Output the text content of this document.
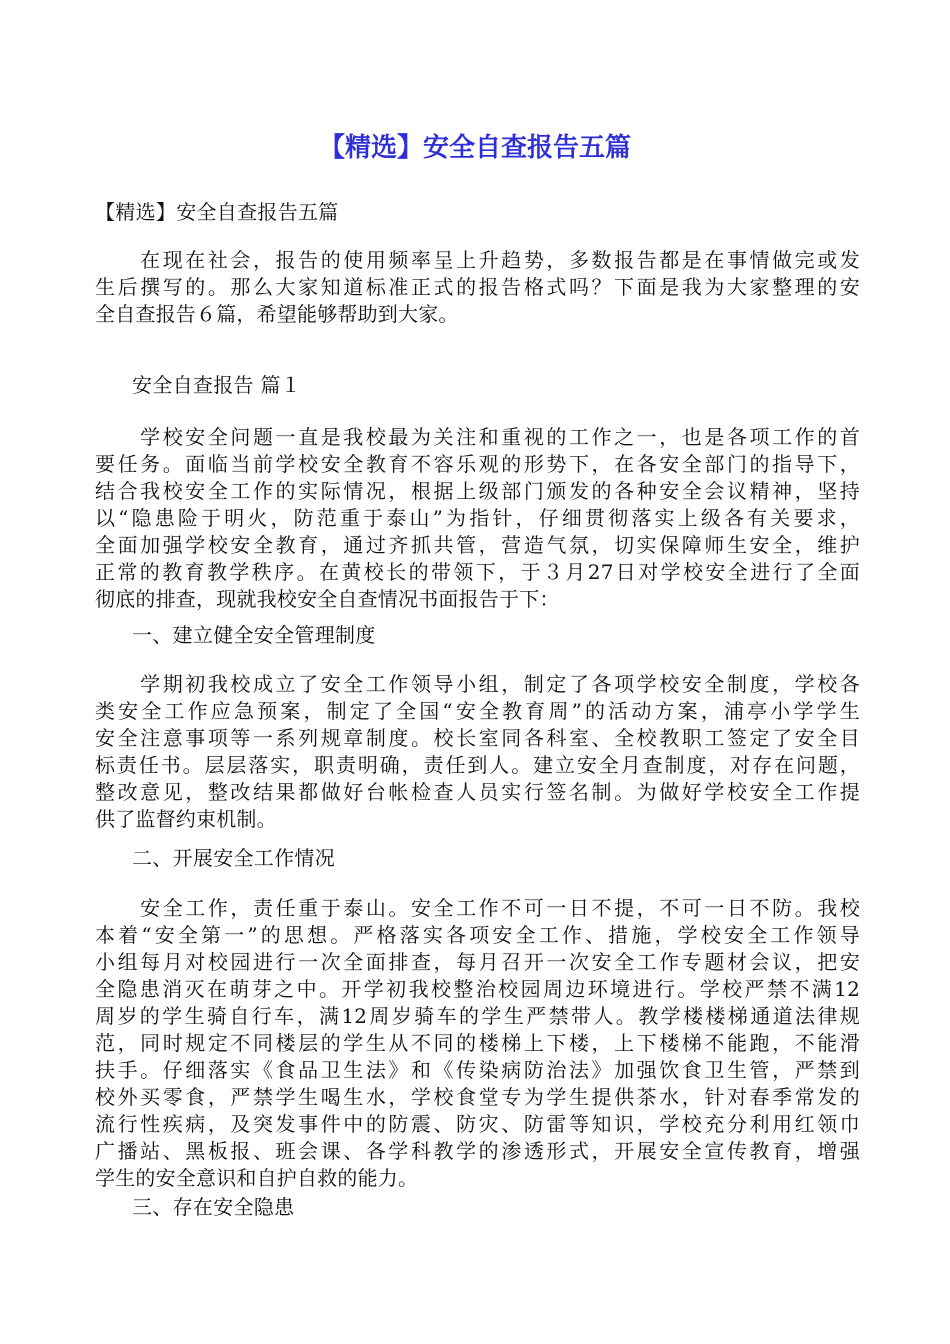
【精选】安全自查报告五篇

【精选】安全自查报告五篇

　　在现在社会，报告的使用频率呈上升趋势，多数报告都是在事情做完或发
生后撰写的。那么大家知道标准正式的报告格式吗？下面是我为大家整理的安
全自查报告６篇，希望能够帮助到大家。

安全自查报告 篇１

　　学校安全问题一直是我校最为关注和重视的工作之一，也是各项工作的首
要任务。面临当前学校安全教育不容乐观的形势下，在各安全部门的指导下，
结合我校安全工作的实际情况，根据上级部门颁发的各种安全会议精神，坚持
以“隐患险于明火，防范重于泰山”为指针，仔细贯彻落实上级各有关要求，
全面加强学校安全教育，通过齐抓共管，营造气氛，切实保障师生安全，维护
正常的教育教学秩序。在黄校长的带领下，于３月27日对学校安全进行了全面
彻底的排查，现就我校安全自查情况书面报告于下：

一、建立健全安全管理制度

　　学期初我校成立了安全工作领导小组，制定了各项学校安全制度，学校各
类安全工作应急预案，制定了全国“安全教育周”的活动方案，浦亭小学学生
安全注意事项等一系列规章制度。校长室同各科室、全校教职工签定了安全目
标责任书。层层落实，职责明确，责任到人。建立安全月查制度，对存在问题，
整改意见，整改结果都做好台帐检查人员实行签名制。为做好学校安全工作提
供了监督约束机制。

二、开展安全工作情况

　　安全工作，责任重于泰山。安全工作不可一日不提，不可一日不防。我校
本着“安全第一”的思想。严格落实各项安全工作、措施，学校安全工作领导
小组每月对校园进行一次全面排查，每月召开一次安全工作专题材会议，把安
全隐患消灭在萌芽之中。开学初我校整治校园周边环境进行。学校严禁不满12
周岁的学生骑自行车，满12周岁骑车的学生严禁带人。教学楼楼梯通道法律规
范，同时规定不同楼层的学生从不同的楼梯上下楼，上下楼梯不能跑，不能滑
扶手。仔细落实《食品卫生法》和《传染病防治法》加强饮食卫生管，严禁到
校外买零食，严禁学生喝生水，学校食堂专为学生提供茶水，针对春季常发的
流行性疾病，及突发事件中的防震、防灾、防雷等知识，学校充分利用红领巾
广播站、黑板报、班会课、各学科教学的渗透形式，开展安全宣传教育，增强
学生的安全意识和自护自救的能力。

三、存在安全隐患
